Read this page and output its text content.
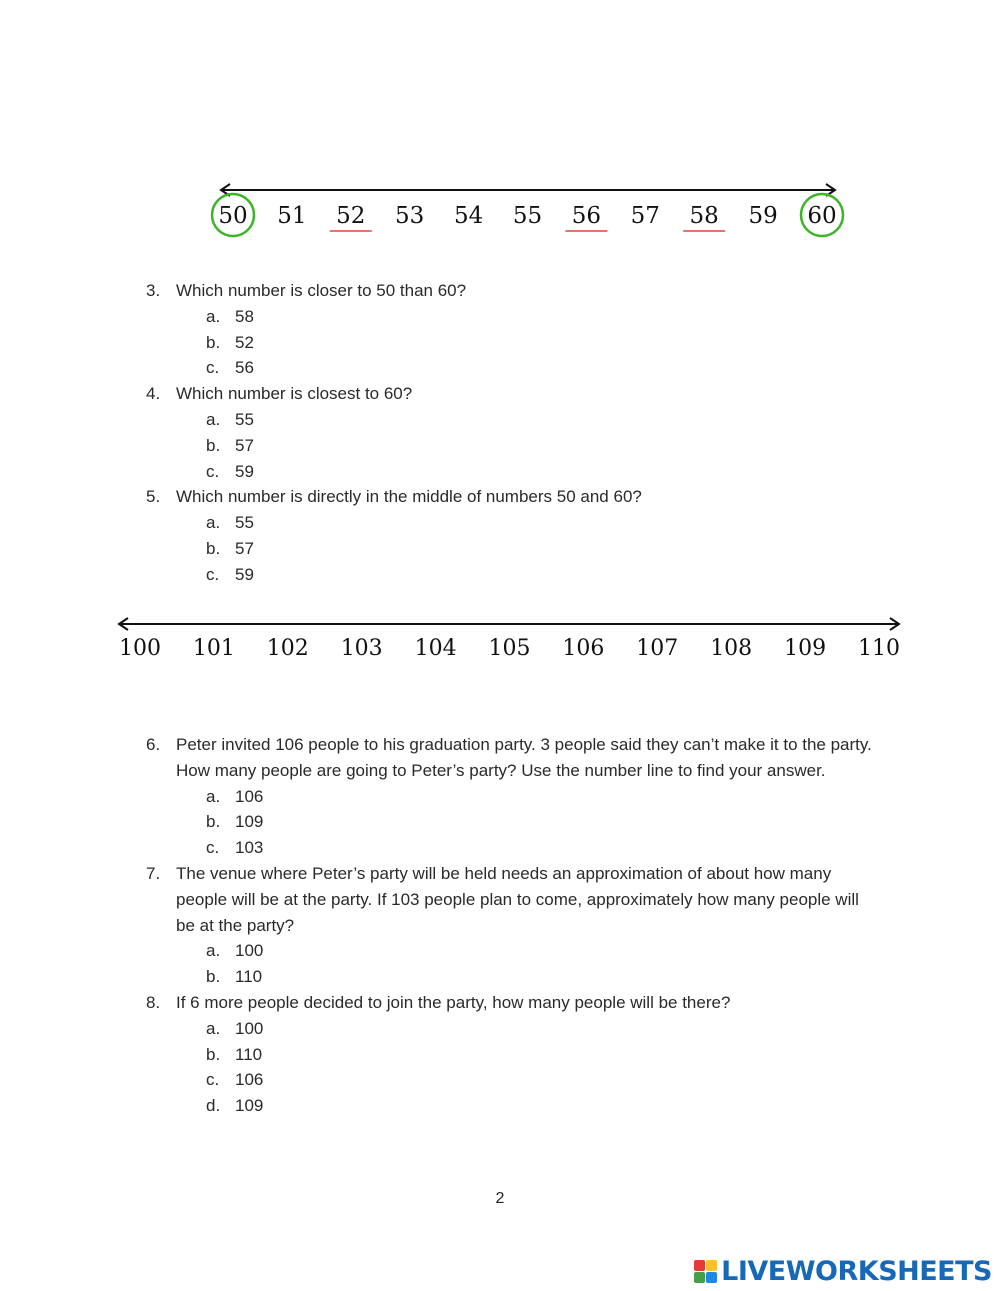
50 51 52 53 54 55 56 57 58 59 60
3. Which number is closer to 50 than 60?
a. 58
b. 52
c. 56
4. Which number is closest to 60?
a. 55
b. 57
c. 59
5. Which number is directly in the middle of numbers 50 and 60?
a. 55
b. 57
c. 59
100 101 102 103 104 105 106 107 108 109 110
6. Peter invited 106 people to his graduation party. 3 people said they can’t make it to the party. How many people are going to Peter’s party? Use the number line to find your answer.
a. 106
b. 109
c. 103
7. The venue where Peter’s party will be held needs an approximation of about how many people will be at the party. If 103 people plan to come, approximately how many people will be at the party?
a. 100
b. 110
8. If 6 more people decided to join the party, how many people will be there?
a. 100
b. 110
c. 106
d. 109
2
LIVEWORKSHEETS
